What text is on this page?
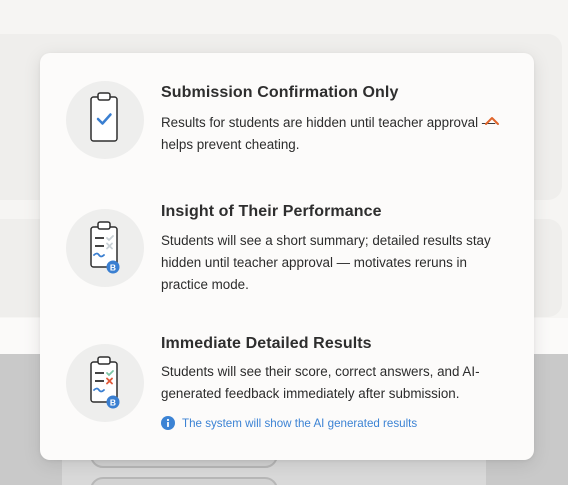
Submission Confirmation Only
Results for students are hidden until teacher approval — helps prevent cheating.
B
Insight of Their Performance
Students will see a short summary; detailed results stay hidden until teacher approval — motivates reruns in practice mode.
B
Immediate Detailed Results
Students will see their score, correct answers, and AI-generated feedback immediately after submission.
The system will show the AI generated results
